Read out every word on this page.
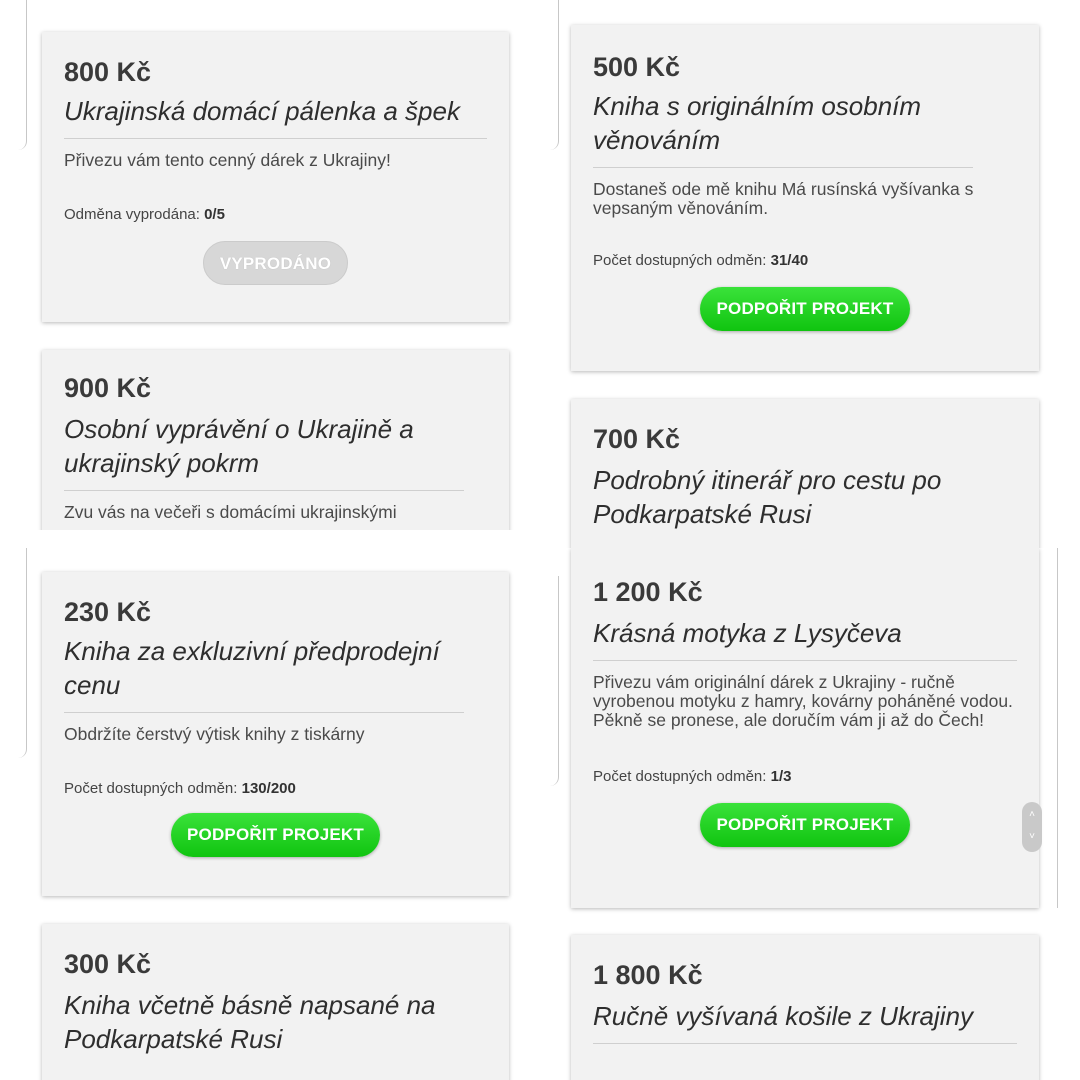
800 Kč
Ukrajinská domácí pálenka a špek
Přivezu vám tento cenný dárek z Ukrajiny!
Odměna vyprodána: 0/5
VYPRODÁNO
900 Kč
Osobní vyprávění o Ukrajině a ukrajinský pokrm
Zvu vás na večeři s domácími ukrajinskými
500 Kč
Kniha s originálním osobním věnováním
Dostaneš ode mě knihu Má rusínská vyšívanka s vepsaným věnováním.
Počet dostupných odměn: 31/40
PODPOŘIT PROJEKT
700 Kč
Podrobný itinerář pro cestu po Podkarpatské Rusi
230 Kč
Kniha za exkluzivní předprodejní cenu
Obdržíte čerstvý výtisk knihy z tiskárny
Počet dostupných odměn: 130/200
PODPOŘIT PROJEKT
300 Kč
Kniha včetně básně napsané na Podkarpatské Rusi
1 200 Kč
Krásná motyka z Lysyčeva
Přivezu vám originální dárek z Ukrajiny - ručně vyrobenou motyku z hamry, kovárny poháněné vodou. Pěkně se pronese, ale doručím vám ji až do Čech!
Počet dostupných odměn: 1/3
PODPOŘIT PROJEKT
˄
˅
1 800 Kč
Ručně vyšívaná košile z Ukrajiny
